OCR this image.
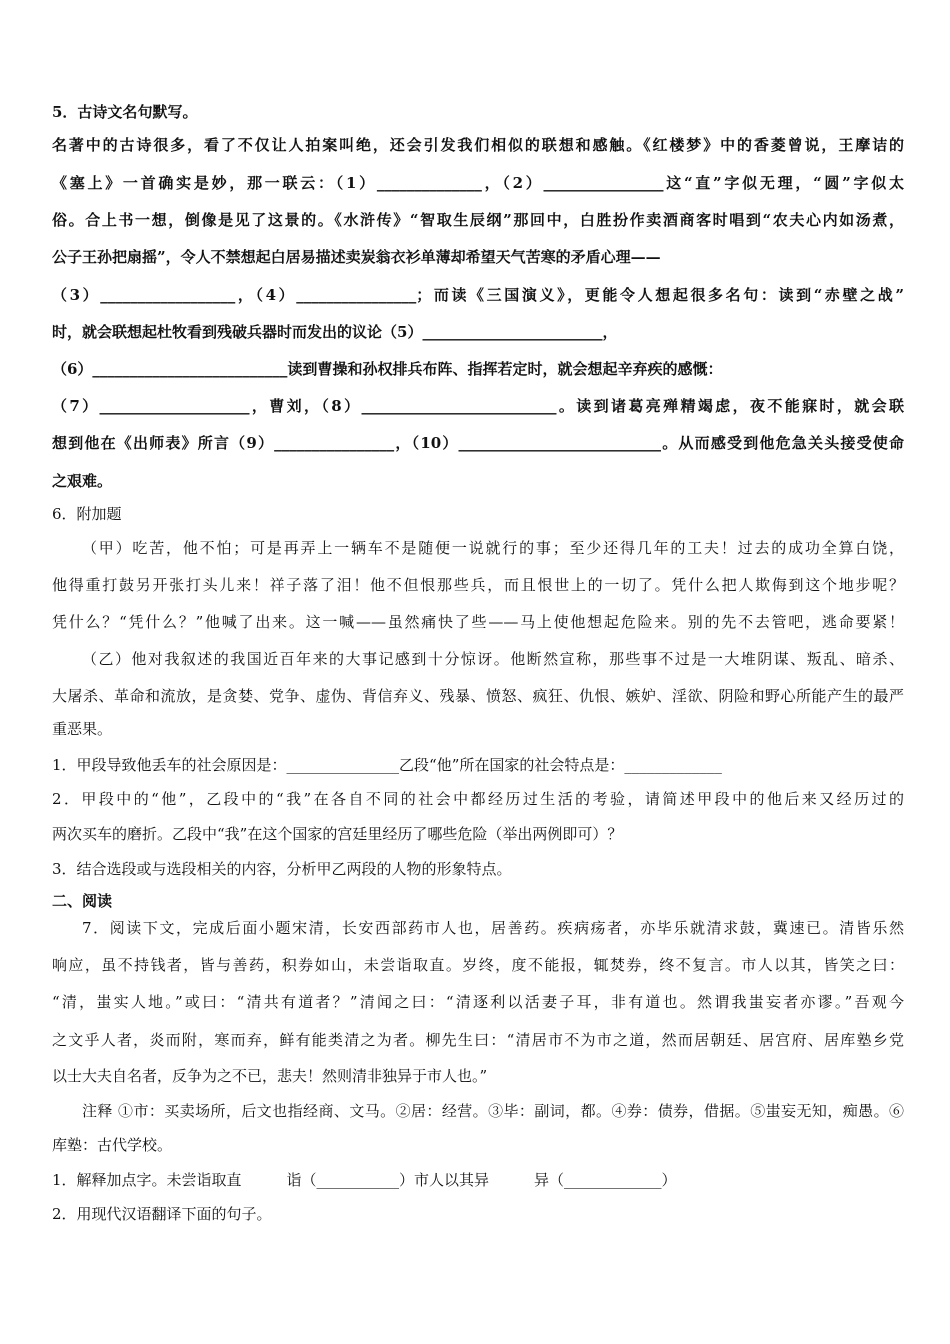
5．古诗文名句默写。
名著中的古诗很多，看了不仅让人拍案叫绝，还会引发我们相似的联想和感触。《红楼梦》中的香菱曾说，王摩诘的
《塞上》一首确实是妙，那一联云：（1）______________，（2）________________这“直”字似无理，“圆”字似太
俗。合上书一想，倒像是见了这景的。《水浒传》“智取生辰纲”那回中，白胜扮作卖酒商客时唱到“农夫心内如汤煮，
公子王孙把扇摇”，令人不禁想起白居易描述卖炭翁衣衫单薄却希望天气苦寒的矛盾心理——
（3）__________________，（4）________________；而读《三国演义》，更能令人想起很多名句：读到“赤壁之战”
时，就会联想起杜牧看到残破兵器时而发出的议论（5）________________________，
（6）__________________________读到曹操和孙权排兵布阵、指挥若定时，就会想起辛弃疾的感慨：
（7）____________________，曹刘，（8）__________________________。读到诸葛亮殚精竭虑，夜不能寐时，就会联
想到他在《出师表》所言（9）________________，（10）___________________________。从而感受到他危急关头接受使命
之艰难。
6．附加题
（甲）吃苦，他不怕；可是再弄上一辆车不是随便一说就行的事；至少还得几年的工夫！过去的成功全算白饶，
他得重打鼓另开张打头儿来！祥子落了泪！他不但恨那些兵，而且恨世上的一切了。凭什么把人欺侮到这个地步呢？
凭什么？“凭什么？”他喊了出来。这一喊——虽然痛快了些——马上使他想起危险来。别的先不去管吧，逃命要紧！
（乙）他对我叙述的我国近百年来的大事记感到十分惊讶。他断然宣称，那些事不过是一大堆阴谋、叛乱、暗杀、
大屠杀、革命和流放，是贪婪、党争、虚伪、背信弃义、残暴、愤怒、疯狂、仇恨、嫉妒、淫欲、阴险和野心所能产生的最严
重恶果。
1．甲段导致他丢车的社会原因是：_______________乙段“他”所在国家的社会特点是：_____________
2．甲段中的“他”，乙段中的“我”在各自不同的社会中都经历过生活的考验，请简述甲段中的他后来又经历过的
两次买车的磨折。乙段中“我”在这个国家的宫廷里经历了哪些危险（举出两例即可）？
3．结合选段或与选段相关的内容，分析甲乙两段的人物的形象特点。
二、阅读
7．阅读下文，完成后面小题宋清，长安西部药市人也，居善药。疾病疡者，亦毕乐就清求鼓，冀速已。清皆乐然
响应，虽不持钱者，皆与善药，积券如山，未尝诣取直。岁终，度不能报，辄焚券，终不复言。市人以其，皆笑之曰：
“清，蚩实人地。”或曰：“清共有道者？”清闻之曰：“清逐利以活妻子耳，非有道也。然谓我蚩妄者亦谬。”吾观今
之文乎人者，炎而附，寒而弃，鲜有能类清之为者。柳先生曰：“清居市不为市之道，然而居朝廷、居宫府、居库塾乡党
以士大夫自名者，反争为之不已，悲夫！然则清非独异于市人也。”
注释 ①市：买卖场所，后文也指经商、文马。②居：经营。③毕：副词，都。④券：债券，借据。⑤蚩妄无知，痴愚。⑥
库塾：古代学校。
1．解释加点字。未尝诣取直　　　诣（___________）市人以其异　　　异（_____________）
2．用现代汉语翻译下面的句子。
